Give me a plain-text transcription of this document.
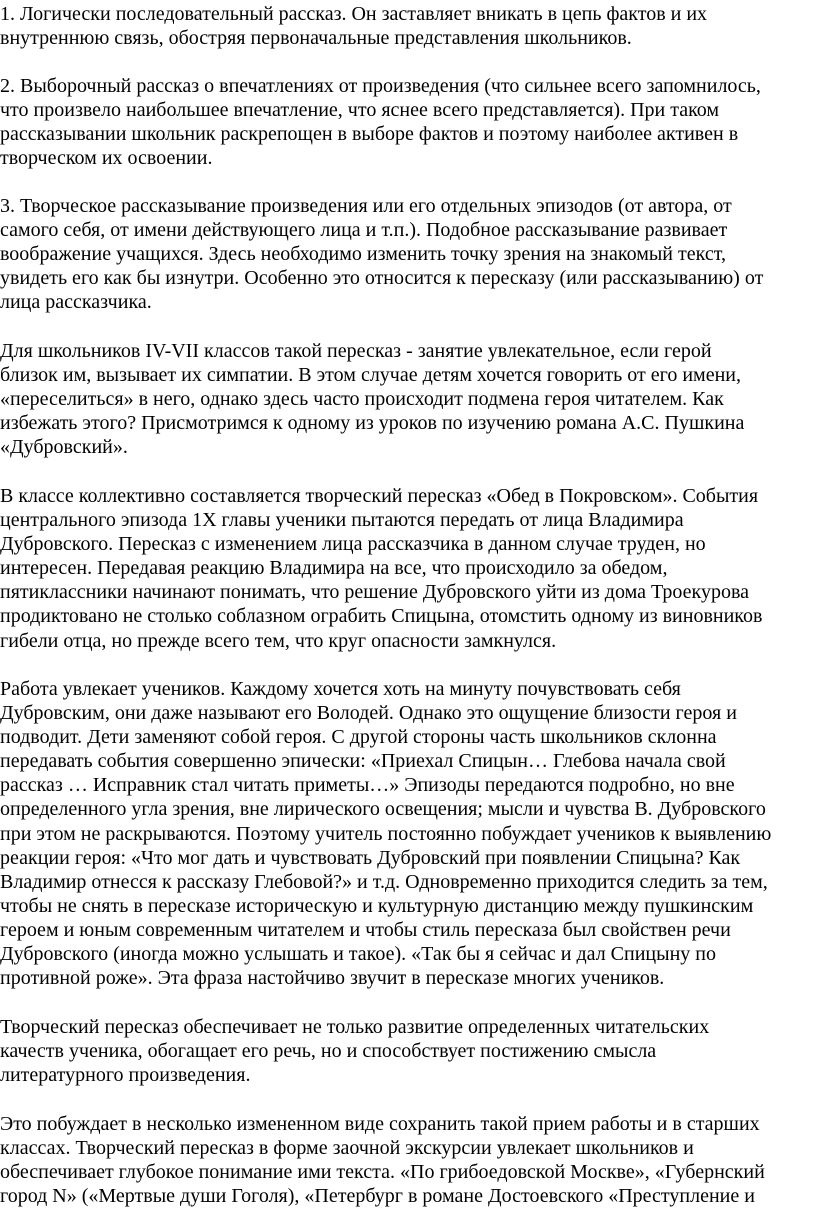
1. Логически последовательный рассказ. Он заставляет вникать в цепь фактов и их
внутреннюю связь, обостряя первоначальные представления школьников.

2. Выборочный рассказ о впечатлениях от произведения (что сильнее всего запомнилось,
что произвело наибольшее впечатление, что яснее всего представляется). При таком
рассказывании школьник раскрепощен в выборе фактов и поэтому наиболее активен в
творческом их освоении.

3. Творческое рассказывание произведения или его отдельных эпизодов (от автора, от
самого себя, от имени действующего лица и т.п.). Подобное рассказывание развивает
воображение учащихся. Здесь необходимо изменить точку зрения на знакомый текст,
увидеть его как бы изнутри. Особенно это относится к пересказу (или рассказыванию) от
лица рассказчика.

Для школьников IV-VII классов такой пересказ - занятие увлекательное, если герой
близок им, вызывает их симпатии. В этом случае детям хочется говорить от его имени,
«переселиться» в него, однако здесь часто происходит подмена героя читателем. Как
избежать этого? Присмотримся к одному из уроков по изучению романа А.С. Пушкина
«Дубровский».

В классе коллективно составляется творческий пересказ «Обед в Покровском». События
центрального эпизода 1Х главы ученики пытаются передать от лица Владимира
Дубровского. Пересказ с изменением лица рассказчика в данном случае труден, но
интересен. Передавая реакцию Владимира на все, что происходило за обедом,
пятиклассники начинают понимать, что решение Дубровского уйти из дома Троекурова
продиктовано не столько соблазном ограбить Спицына, отомстить одному из виновников
гибели отца, но прежде всего тем, что круг опасности замкнулся.

Работа увлекает учеников. Каждому хочется хоть на минуту почувствовать себя
Дубровским, они даже называют его Володей. Однако это ощущение близости героя и
подводит. Дети заменяют собой героя. С другой стороны часть школьников склонна
передавать события совершенно эпически: «Приехал Спицын… Глебова начала свой
рассказ … Исправник стал читать приметы…» Эпизоды передаются подробно, но вне
определенного угла зрения, вне лирического освещения; мысли и чувства В. Дубровского
при этом не раскрываются. Поэтому учитель постоянно побуждает учеников к выявлению
реакции героя: «Что мог дать и чувствовать Дубровский при появлении Спицына? Как
Владимир отнесся к рассказу Глебовой?» и т.д. Одновременно приходится следить за тем,
чтобы не снять в пересказе историческую и культурную дистанцию между пушкинским
героем и юным современным читателем и чтобы стиль пересказа был свойствен речи
Дубровского (иногда можно услышать и такое). «Так бы я сейчас и дал Спицыну по
противной роже». Эта фраза настойчиво звучит в пересказе многих учеников.

Творческий пересказ обеспечивает не только развитие определенных читательских
качеств ученика, обогащает его речь, но и способствует постижению смысла
литературного произведения.

Это побуждает в несколько измененном виде сохранить такой прием работы и в старших
классах. Творческий пересказ в форме заочной экскурсии увлекает школьников и
обеспечивает глубокое понимание ими текста. «По грибоедовской Москве», «Губернский
город N» («Мертвые души Гоголя), «Петербург в романе Достоевского «Преступление и
